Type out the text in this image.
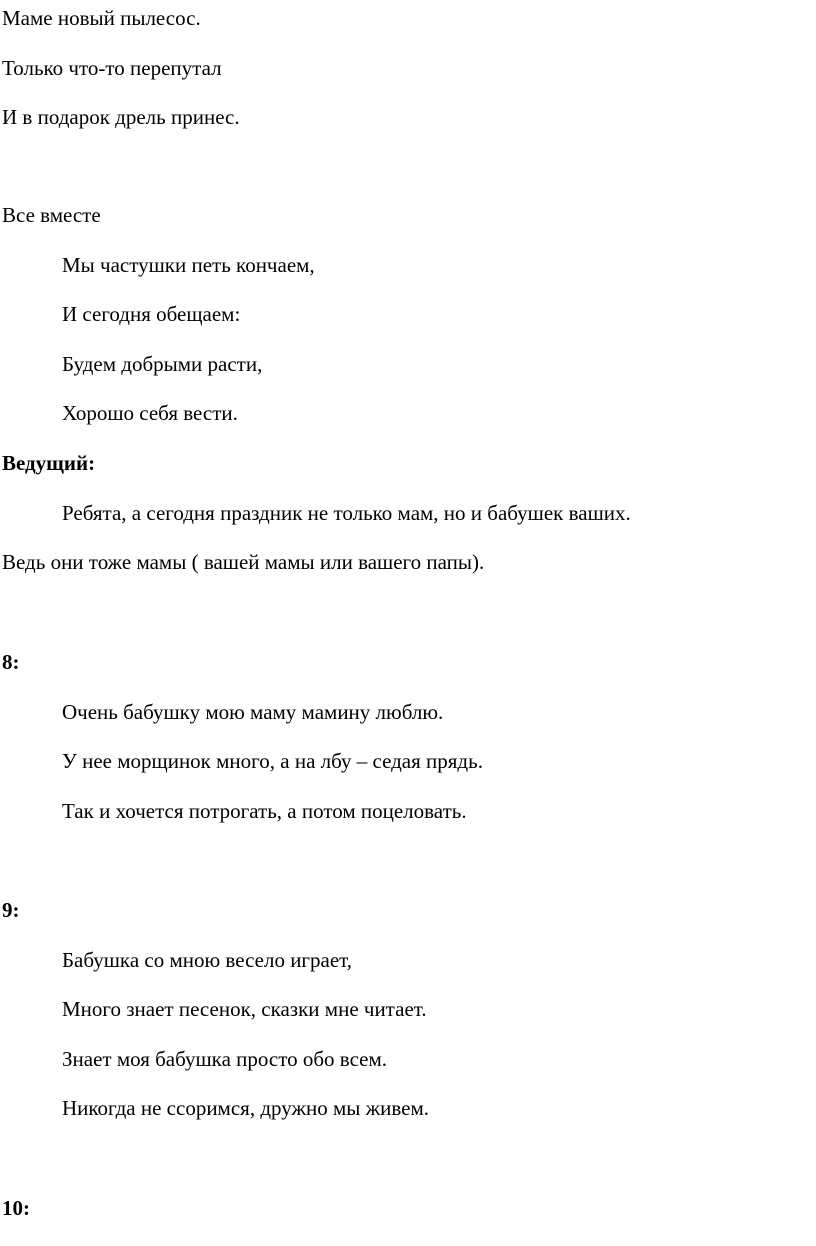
Маме новый пылесос.
Только что-то перепутал
И в подарок дрель принес.
Все вместе
Мы частушки петь кончаем,
И сегодня обещаем:
Будем добрыми расти,
Хорошо себя вести.
Ведущий:
Ребята, а сегодня праздник не только мам, но и бабушек ваших.
Ведь они тоже мамы ( вашей мамы или вашего папы).
8:
Очень бабушку мою маму мамину люблю.
У нее морщинок много, а на лбу – седая прядь.
Так и хочется потрогать, а потом поцеловать.
9:
Бабушка со мною весело играет,
Много знает песенок, сказки мне читает.
Знает моя бабушка просто обо всем.
Никогда не ссоримся, дружно мы живем.
10:
